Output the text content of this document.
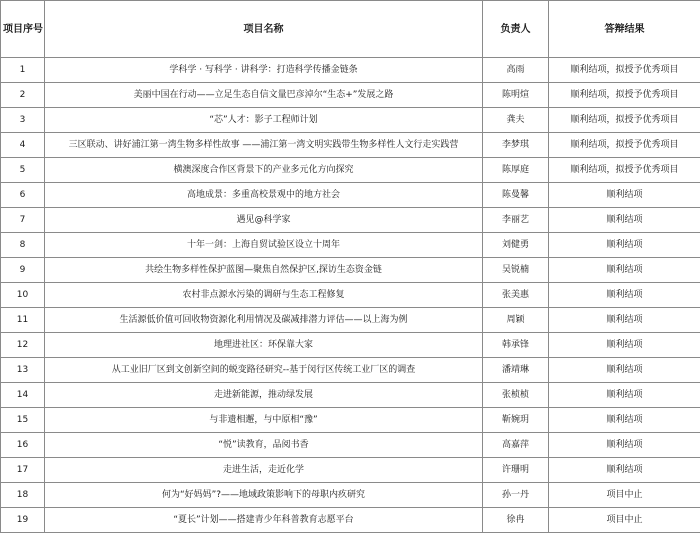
项目序号	项目名称	负责人	答辩结果
1	学科学 · 写科学 · 讲科学：打造科学传播金链条	高雨	顺利结项，拟授予优秀项目
2	美丽中国在行动——立足生态自信文量巴彦淖尔“生态+”发展之路	陈明煊	顺利结项，拟授予优秀项目
3	“芯”人才：影子工程师计划	龚夫	顺利结项，拟授予优秀项目
4	三区联动、讲好浦江第一湾生物多样性故事 ——浦江第一湾文明实践带生物多样性人文行走实践营	李梦琪	顺利结项，拟授予优秀项目
5	横澳深度合作区背景下的产业多元化方向探究	陈厚庭	顺利结项，拟授予优秀项目
6	高地成景：多重高校景观中的地方社会	陈曼馨	顺利结项
7	遇见@科学家	李丽艺	顺利结项
8	十年一剑：上海自贸试验区设立十周年	刘健勇	顺利结项
9	共绘生物多样性保护蓝图—聚焦自然保护区,探访生态资金链	吴锐楠	顺利结项
10	农村非点源水污染的调研与生态工程修复	张美惠	顺利结项
11	生活源低价值可回收物资源化利用情况及碳减排潜力评估——以上海为例	周颖	顺利结项
12	地理进社区：环保靠大家	韩承锋	顺利结项
13	从工业旧厂区到文创新空间的蜕变路径研究--基于闵行区传统工业厂区的调查	潘靖琳	顺利结项
14	走进新能源，推动绿发展	张桢桢	顺利结项
15	与非遗相邂，与中原相“豫”	靳婉玥	顺利结项
16	“悦”读教育，品阅书香	高嘉萍	顺利结项
17	走进生活，走近化学	许珊明	顺利结项
18	何为“好妈妈”?——地域政策影响下的母职内疚研究	孙一丹	项目中止
19	“夏长”计划——搭建青少年科普教育志愿平台	徐冉	项目中止
